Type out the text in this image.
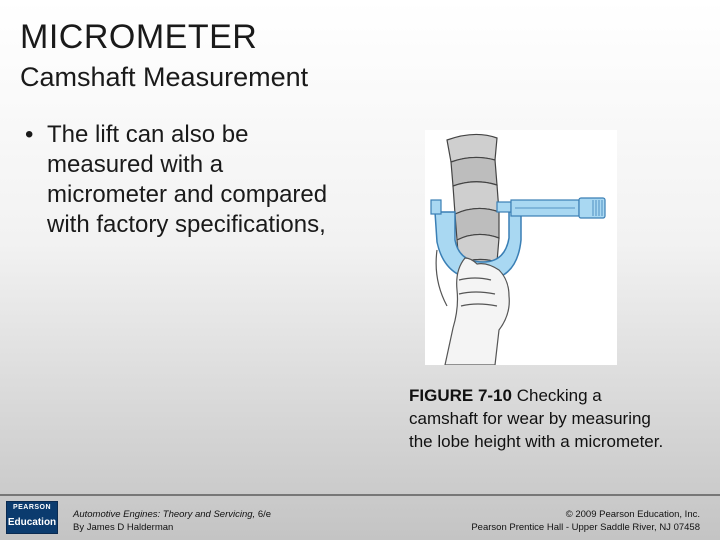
MICROMETER
Camshaft Measurement
• The lift can also be measured with a micrometer and compared with factory specifications,
FIGURE 7-10 Checking a camshaft for wear by measuring the lobe height with a micrometer.
PEARSON
Education
Automotive Engines: Theory and Servicing, 6/e
By James D Halderman
© 2009 Pearson Education, Inc.
Pearson Prentice Hall - Upper Saddle River, NJ 07458
